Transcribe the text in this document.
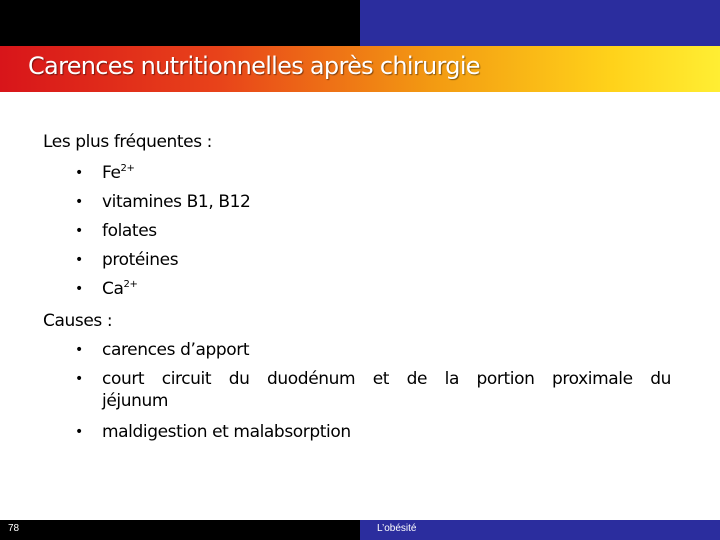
Carences nutritionnelles après chirurgie
Les plus fréquentes :
• $Fe^{2+}$
• vitamines B1, B12
• folates
• protéines
• $Ca^{2+}$
Causes :
• carences d’apport
• court circuit du duodénum et de la portion proximale du
jéjunum
• maldigestion et malabsorption
78	L’obésité
